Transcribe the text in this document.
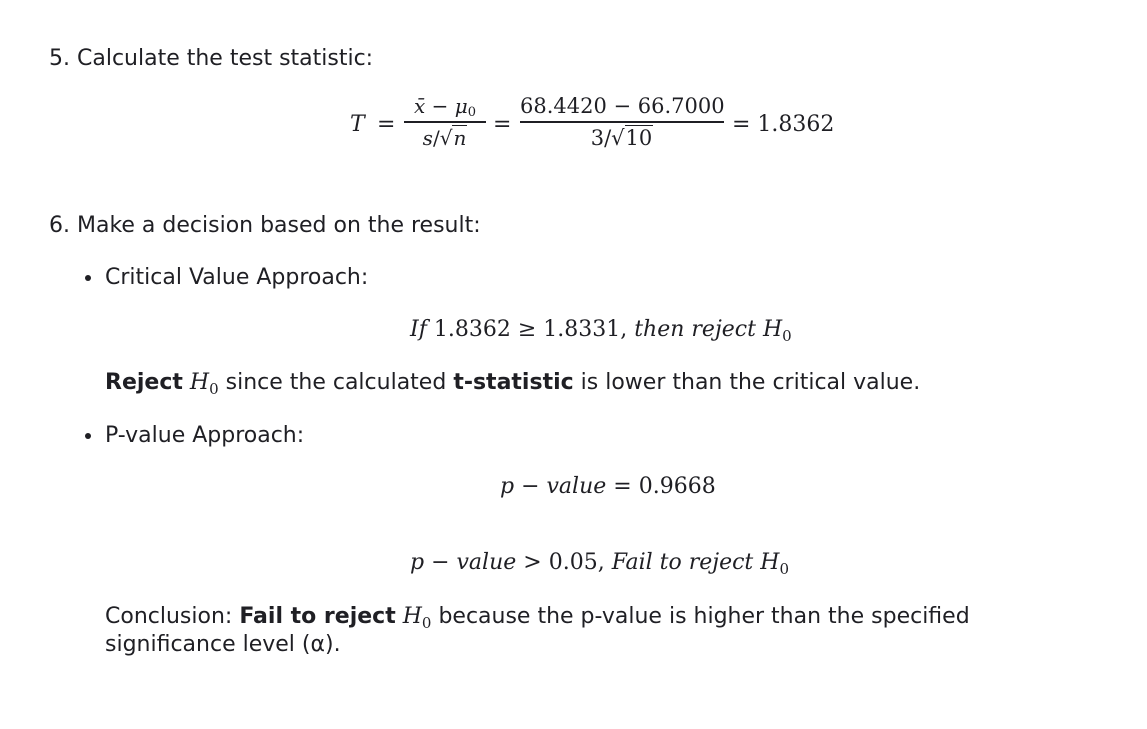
5. Calculate the test statistic:
T =
x̄ − μ0
s/√n
=
68.4420 − 66.7000
3/√10
= 1.8362
6. Make a decision based on the result:
Critical Value Approach:
If 1.8362 ≥ 1.8331, then reject $H_0$
Reject $H_0$ since the calculated t-statistic is lower than the critical value.
P-value Approach:
p − value = 0.9668
p − value > 0.05, Fail to reject $H_0$
Conclusion: Fail to reject $H_0$ because the p-value is higher than the specified
significance level (α).
